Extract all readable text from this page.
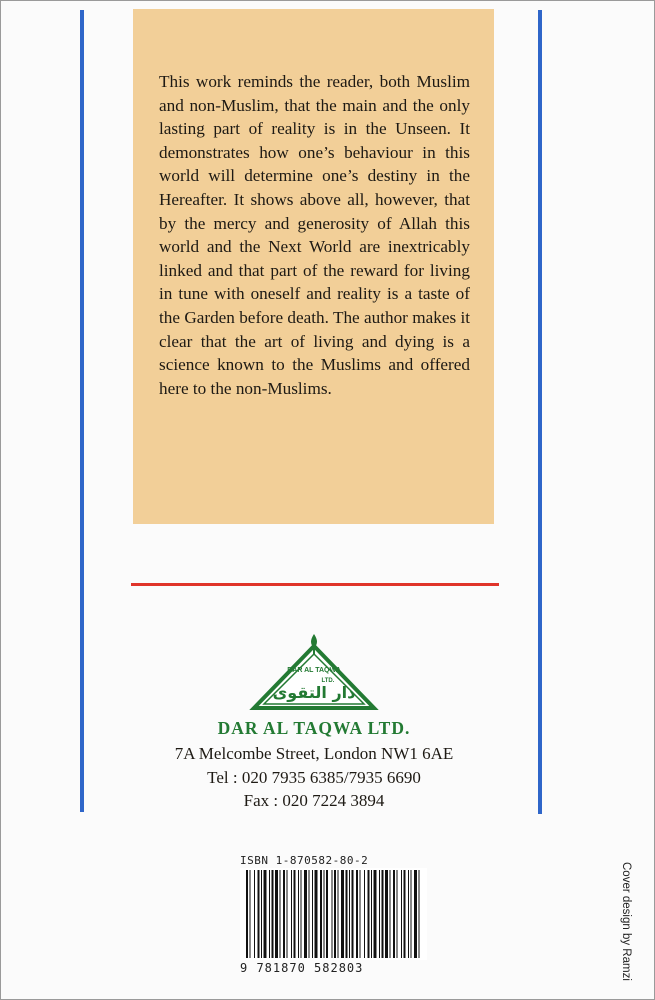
This work reminds the reader, both Muslim and non-Muslim, that the main and the only lasting part of reality is in the Unseen. It demonstrates how one’s behaviour in this world will determine one’s destiny in the Hereafter. It shows above all, however, that by the mercy and generosity of Allah this world and the Next World are inextricably linked and that part of the reward for living in tune with oneself and reality is a taste of the Garden before death. The author makes it clear that the art of living and dying is a science known to the Muslims and offered here to the non-Muslims.
DAR AL TAQWA
LTD.
دار التقوى
DAR AL TAQWA LTD.
7A Melcombe Street, London NW1 6AE
Tel : 020 7935 6385/7935 6690
Fax : 020 7224 3894
ISBN 1-870582-80-2
9 781870 582803	Cover design by Ramzi
